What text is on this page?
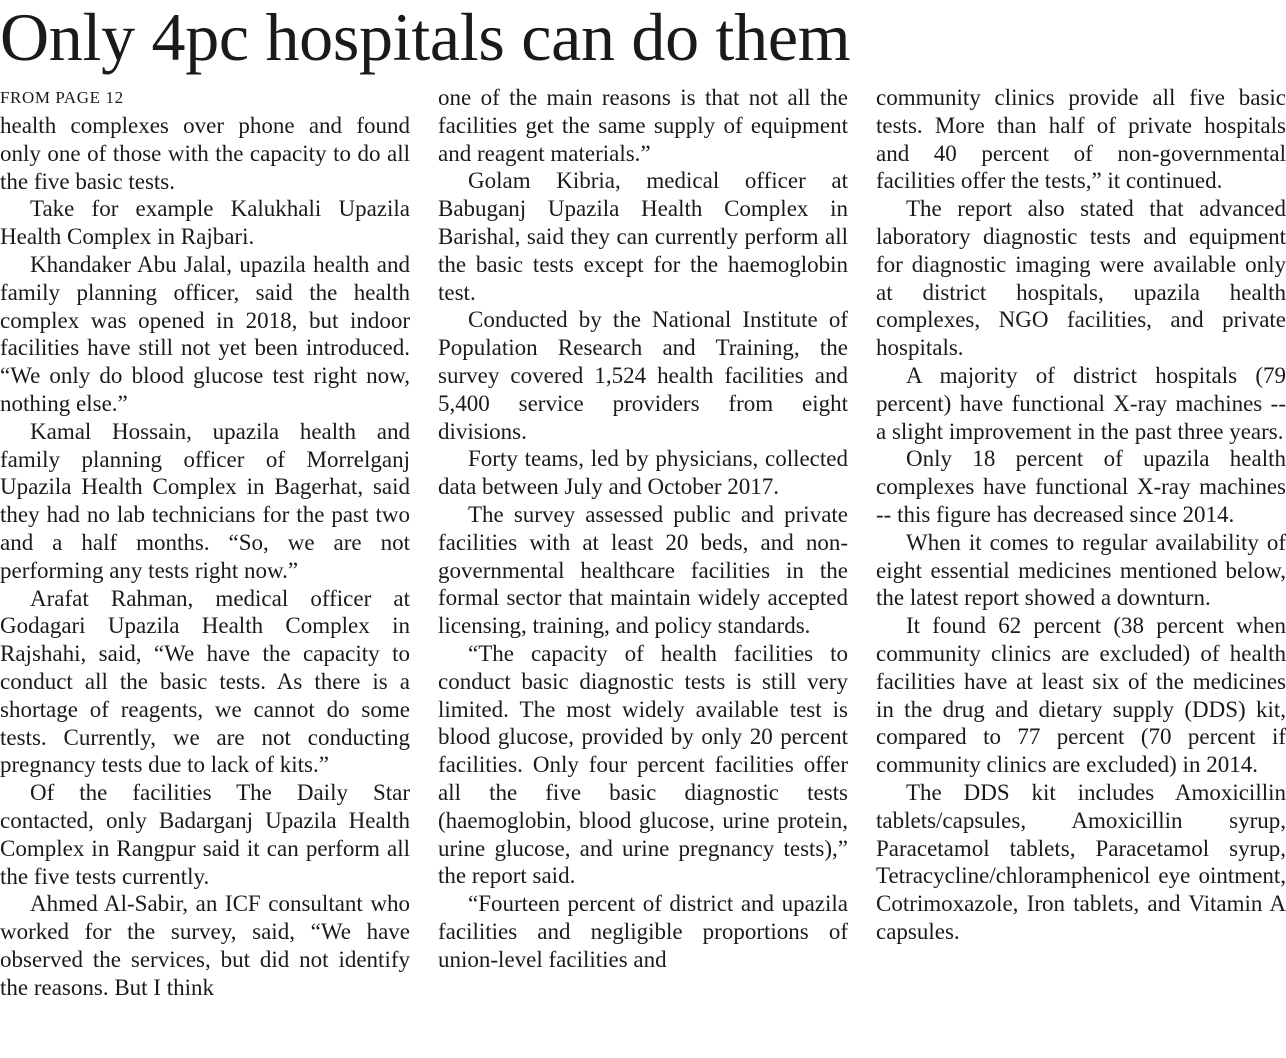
Only 4pc hospitals can do them
FROM PAGE 12

health complexes over phone and found only one of those with the capacity to do all the five basic tests.

Take for example Kalukhali Upazila Health Complex in Rajbari.

Khandaker Abu Jalal, upazila health and family planning officer, said the health complex was opened in 2018, but indoor facilities have still not yet been introduced. “We only do blood glucose test right now, nothing else.”

Kamal Hossain, upazila health and family planning officer of Morrelganj Upazila Health Complex in Bagerhat, said they had no lab technicians for the past two and a half months. “So, we are not performing any tests right now.”

Arafat Rahman, medical officer at Godagari Upazila Health Complex in Rajshahi, said, “We have the capacity to conduct all the basic tests. As there is a shortage of reagents, we cannot do some tests. Currently, we are not conducting pregnancy tests due to lack of kits.”

Of the facilities The Daily Star contacted, only Badarganj Upazila Health Complex in Rangpur said it can perform all the five tests currently.

Ahmed Al-Sabir, an ICF consultant who worked for the survey, said, “We have observed the services, but did not identify the reasons. But I think

one of the main reasons is that not all the facilities get the same supply of equipment and reagent materials.”

Golam Kibria, medical officer at Babuganj Upazila Health Complex in Barishal, said they can currently perform all the basic tests except for the haemoglobin test.

Conducted by the National Institute of Population Research and Training, the survey covered 1,524 health facilities and 5,400 service providers from eight divisions.

Forty teams, led by physicians, collected data between July and October 2017.

The survey assessed public and private facilities with at least 20 beds, and non-governmental healthcare facilities in the formal sector that maintain widely accepted licensing, training, and policy standards.

“The capacity of health facilities to conduct basic diagnostic tests is still very limited. The most widely available test is blood glucose, provided by only 20 percent facilities. Only four percent facilities offer all the five basic diagnostic tests (haemoglobin, blood glucose, urine protein, urine glucose, and urine pregnancy tests),” the report said.

“Fourteen percent of district and upazila facilities and negligible proportions of union-level facilities and

community clinics provide all five basic tests. More than half of private hospitals and 40 percent of non-governmental facilities offer the tests,” it continued.

The report also stated that advanced laboratory diagnostic tests and equipment for diagnostic imaging were available only at district hospitals, upazila health complexes, NGO facilities, and private hospitals.

A majority of district hospitals (79 percent) have functional X-ray machines -- a slight improvement in the past three years.

Only 18 percent of upazila health complexes have functional X-ray machines -- this figure has decreased since 2014.

When it comes to regular availability of eight essential medicines mentioned below, the latest report showed a downturn.

It found 62 percent (38 percent when community clinics are excluded) of health facilities have at least six of the medicines in the drug and dietary supply (DDS) kit, compared to 77 percent (70 percent if community clinics are excluded) in 2014.

The DDS kit includes Amoxicillin tablets/capsules, Amoxicillin syrup, Paracetamol tablets, Paracetamol syrup, Tetracycline/chloramphenicol eye ointment, Cotrimoxazole, Iron tablets, and Vitamin A capsules.
